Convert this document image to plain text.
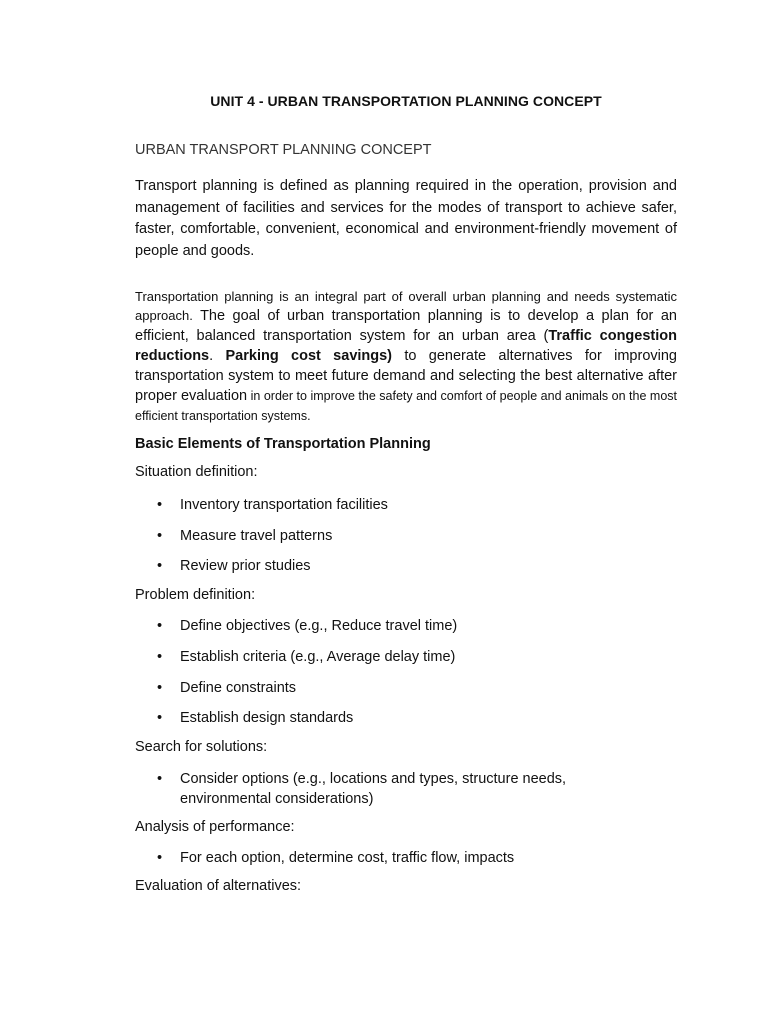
UNIT 4 - URBAN TRANSPORTATION PLANNING CONCEPT
URBAN TRANSPORT PLANNING CONCEPT
Transport planning is defined as planning required in the operation, provision and management of facilities and services for the modes of transport to achieve safer, faster, comfortable, convenient, economical and environment-friendly movement of people and goods.
Transportation planning is an integral part of overall urban planning and needs systematic approach. The goal of urban transportation planning is to develop a plan for an efficient, balanced transportation system for an urban area (Traffic congestion reductions. Parking cost savings) to generate alternatives for improving transportation system to meet future demand and selecting the best alternative after proper evaluation in order to improve the safety and comfort of people and animals on the most efficient transportation systems.
Basic Elements of Transportation Planning
Situation definition:
• Inventory transportation facilities
• Measure travel patterns
• Review prior studies
Problem definition:
• Define objectives (e.g., Reduce travel time)
• Establish criteria (e.g., Average delay time)
• Define constraints
• Establish design standards
Search for solutions:
• Consider options (e.g., locations and types, structure needs, environmental considerations)
Analysis of performance:
• For each option, determine cost, traffic flow, impacts
Evaluation of alternatives:
